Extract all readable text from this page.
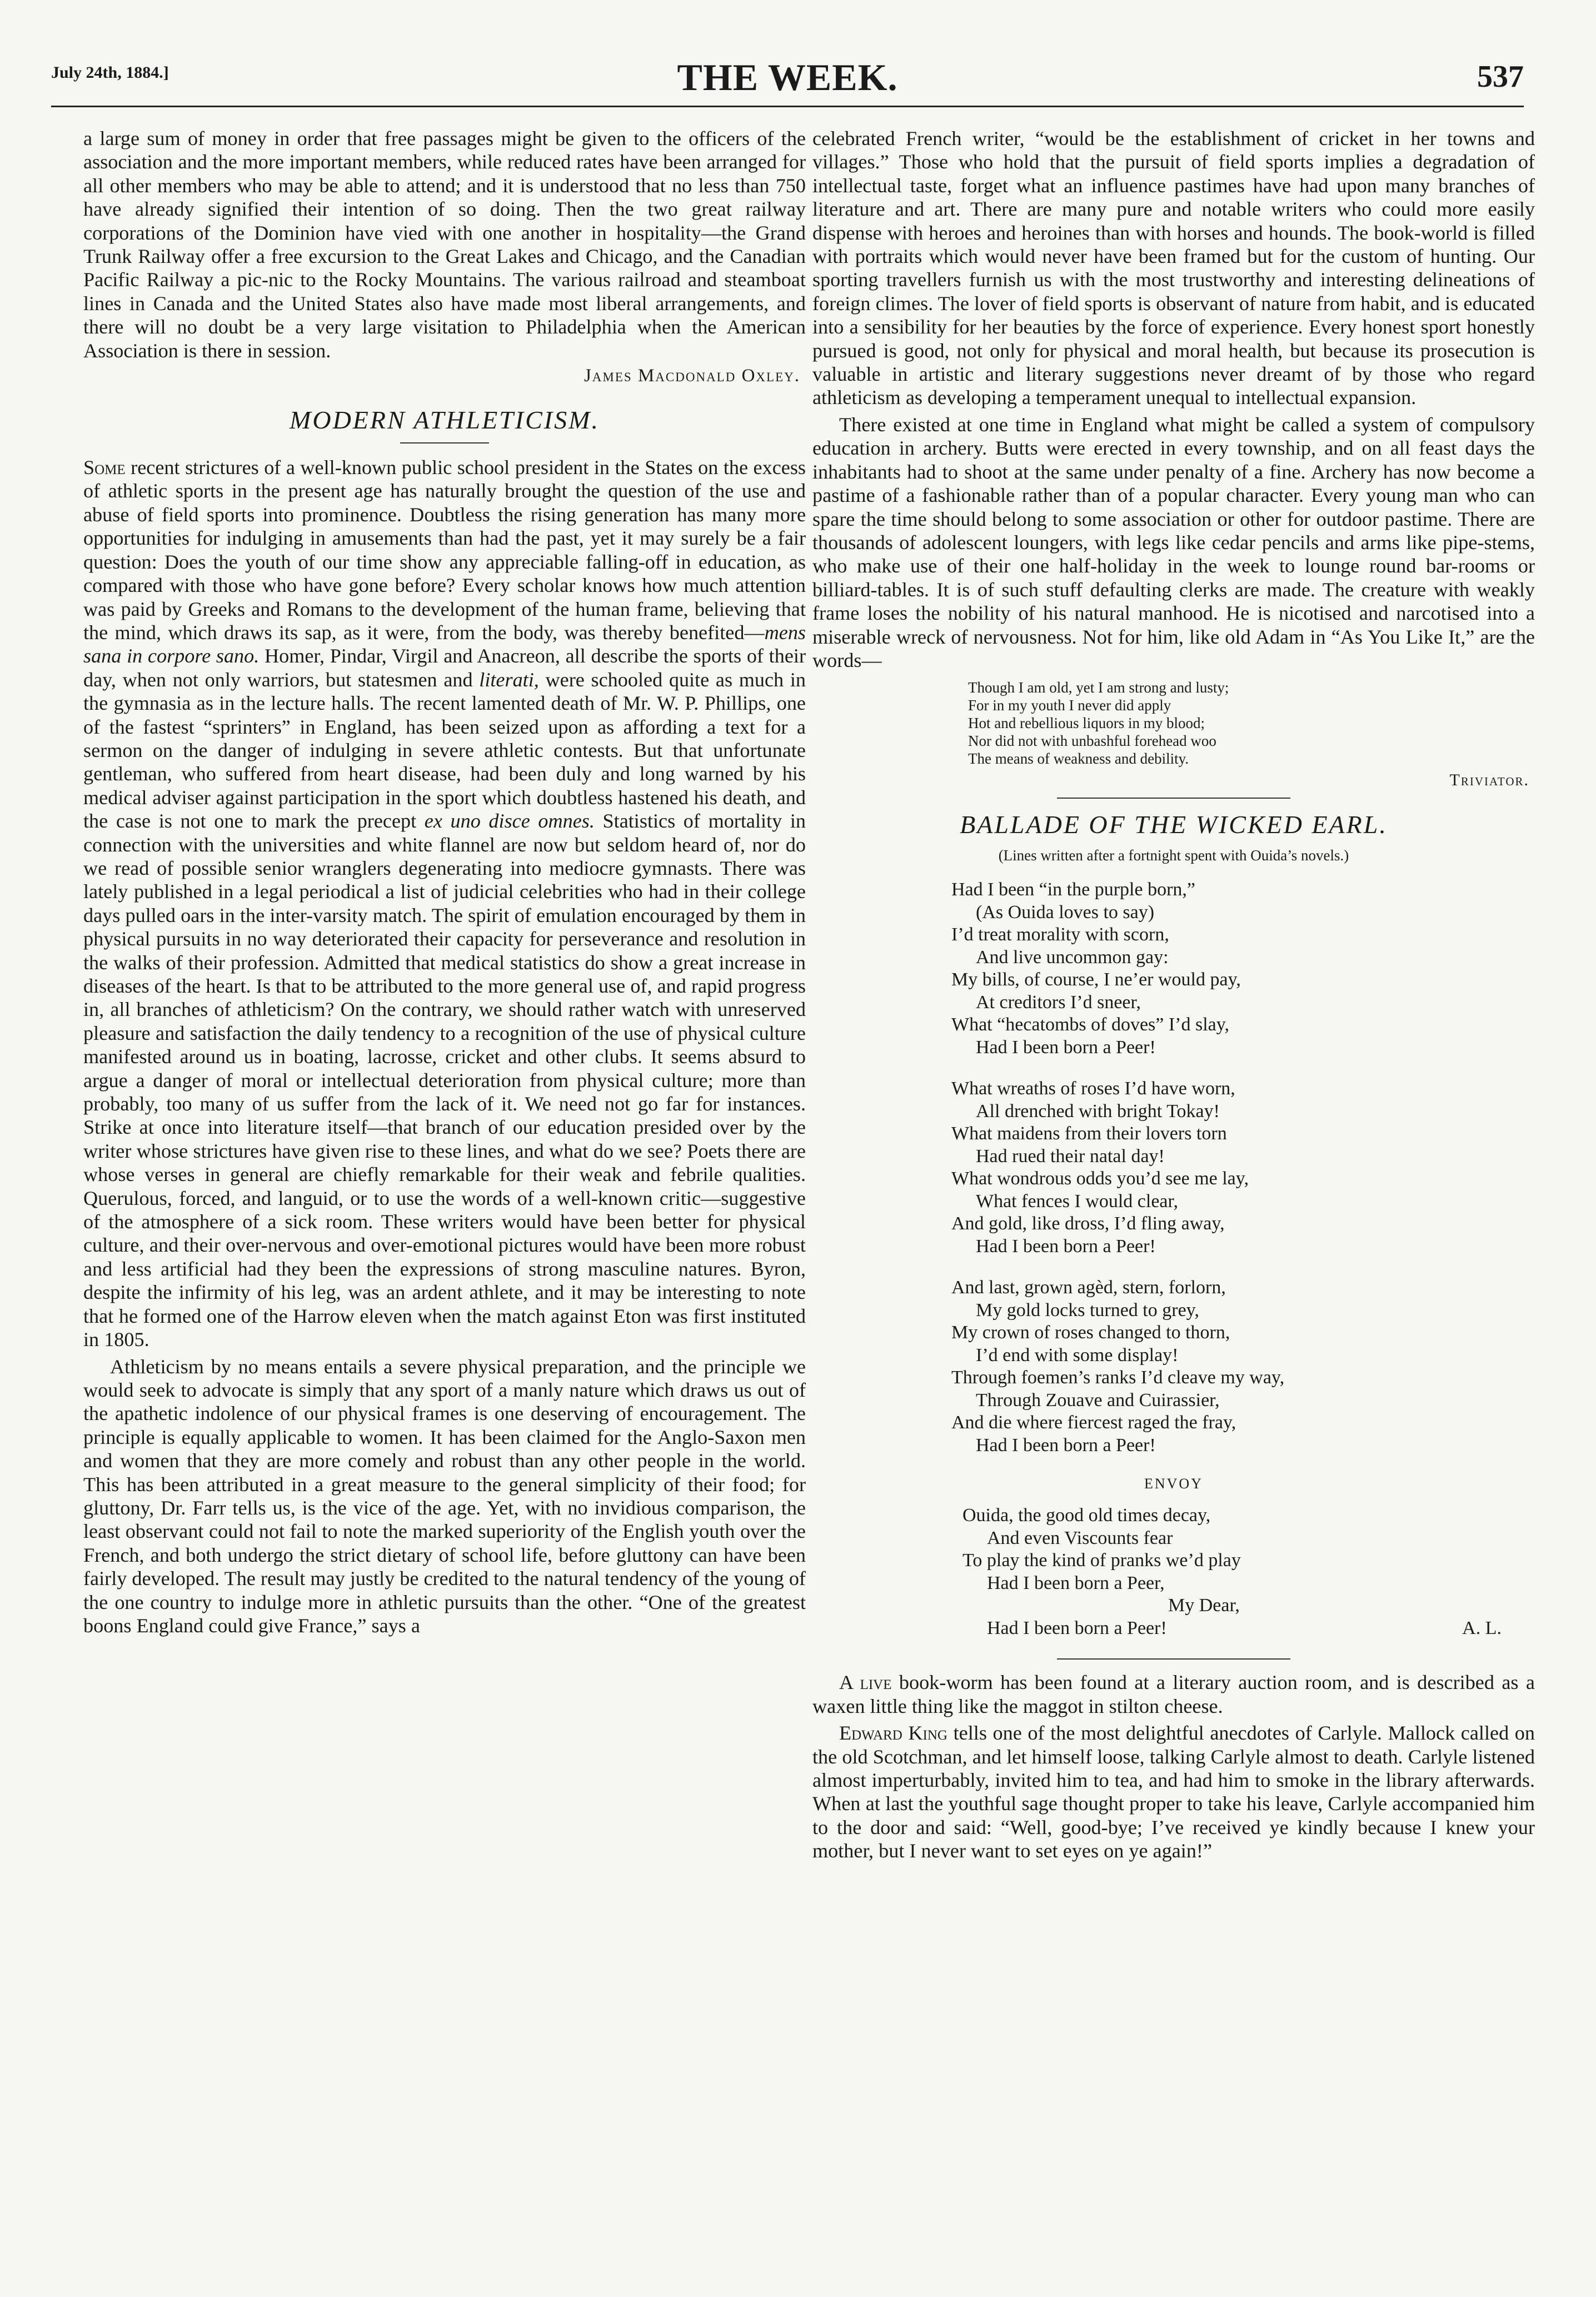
July 24th, 1884.]	THE WEEK.	537

a large sum of money in order that free passages might be given to the officers of the association and the more important members, while reduced rates have been arranged for all other members who may be able to attend; and it is understood that no less than 750 have already signified their intention of so doing. Then the two great railway corporations of the Dominion have vied with one another in hospitality—the Grand Trunk Railway offer a free excursion to the Great Lakes and Chicago, and the Canadian Pacific Railway a pic-nic to the Rocky Mountains. The various railroad and steamboat lines in Canada and the United States also have made most liberal arrangements, and there will no doubt be a very large visitation to Philadelphia when the American Association is there in session.

James Macdonald Oxley.
MODERN ATHLETICISM.

Some recent strictures of a well-known public school president in the States on the excess of athletic sports in the present age has naturally brought the question of the use and abuse of field sports into prominence. Doubtless the rising generation has many more opportunities for indulging in amusements than had the past, yet it may surely be a fair question: Does the youth of our time show any appreciable falling-off in education, as compared with those who have gone before? Every scholar knows how much attention was paid by Greeks and Romans to the development of the human frame, believing that the mind, which draws its sap, as it were, from the body, was thereby benefited—mens sana in corpore sano. Homer, Pindar, Virgil and Anacreon, all describe the sports of their day, when not only warriors, but statesmen and literati, were schooled quite as much in the gymnasia as in the lecture halls. The recent lamented death of Mr. W. P. Phillips, one of the fastest “sprinters” in England, has been seized upon as affording a text for a sermon on the danger of indulging in severe athletic contests. But that unfortunate gentleman, who suffered from heart disease, had been duly and long warned by his medical adviser against participation in the sport which doubtless hastened his death, and the case is not one to mark the precept ex uno disce omnes. Statistics of mortality in connection with the universities and white flannel are now but seldom heard of, nor do we read of possible senior wranglers degenerating into mediocre gymnasts. There was lately published in a legal periodical a list of judicial celebrities who had in their college days pulled oars in the inter-varsity match. The spirit of emulation encouraged by them in physical pursuits in no way deteriorated their capacity for perseverance and resolution in the walks of their profession. Admitted that medical statistics do show a great increase in diseases of the heart. Is that to be attributed to the more general use of, and rapid progress in, all branches of athleticism? On the contrary, we should rather watch with unreserved pleasure and satisfaction the daily tendency to a recognition of the use of physical culture manifested around us in boating, lacrosse, cricket and other clubs. It seems absurd to argue a danger of moral or intellectual deterioration from physical culture; more than probably, too many of us suffer from the lack of it. We need not go far for instances. Strike at once into literature itself—that branch of our education presided over by the writer whose strictures have given rise to these lines, and what do we see? Poets there are whose verses in general are chiefly remarkable for their weak and febrile qualities. Querulous, forced, and languid, or to use the words of a well-known critic—suggestive of the atmosphere of a sick room. These writers would have been better for physical culture, and their over-nervous and over-emotional pictures would have been more robust and less artificial had they been the expressions of strong masculine natures. Byron, despite the infirmity of his leg, was an ardent athlete, and it may be interesting to note that he formed one of the Harrow eleven when the match against Eton was first instituted in 1805.

Athleticism by no means entails a severe physical preparation, and the principle we would seek to advocate is simply that any sport of a manly nature which draws us out of the apathetic indolence of our physical frames is one deserving of encouragement. The principle is equally applicable to women. It has been claimed for the Anglo-Saxon men and women that they are more comely and robust than any other people in the world. This has been attributed in a great measure to the general simplicity of their food; for gluttony, Dr. Farr tells us, is the vice of the age. Yet, with no invidious comparison, the least observant could not fail to note the marked superiority of the English youth over the French, and both undergo the strict dietary of school life, before gluttony can have been fairly developed. The result may justly be credited to the natural tendency of the young of the one country to indulge more in athletic pursuits than the other. “One of the greatest boons England could give France,” says a

celebrated French writer, “would be the establishment of cricket in her towns and villages.” Those who hold that the pursuit of field sports implies a degradation of intellectual taste, forget what an influence pastimes have had upon many branches of literature and art. There are many pure and notable writers who could more easily dispense with heroes and heroines than with horses and hounds. The book-world is filled with portraits which would never have been framed but for the custom of hunting. Our sporting travellers furnish us with the most trustworthy and interesting delineations of foreign climes. The lover of field sports is observant of nature from habit, and is educated into a sensibility for her beauties by the force of experience. Every honest sport honestly pursued is good, not only for physical and moral health, but because its prosecution is valuable in artistic and literary suggestions never dreamt of by those who regard athleticism as developing a temperament unequal to intellectual expansion.

There existed at one time in England what might be called a system of compulsory education in archery. Butts were erected in every township, and on all feast days the inhabitants had to shoot at the same under penalty of a fine. Archery has now become a pastime of a fashionable rather than of a popular character. Every young man who can spare the time should belong to some association or other for outdoor pastime. There are thousands of adolescent loungers, with legs like cedar pencils and arms like pipe-stems, who make use of their one half-holiday in the week to lounge round bar-rooms or billiard-tables. It is of such stuff defaulting clerks are made. The creature with weakly frame loses the nobility of his natural manhood. He is nicotised and narcotised into a miserable wreck of nervousness. Not for him, like old Adam in “As You Like It,” are the words—

Though I am old, yet I am strong and lusty;
For in my youth I never did apply
Hot and rebellious liquors in my blood;
Nor did not with unbashful forehead woo
The means of weakness and debility.
Triviator.
BALLADE OF THE WICKED EARL.
(Lines written after a fortnight spent with Ouida’s novels.)
Had I been “in the purple born,”
(As Ouida loves to say)
I’d treat morality with scorn,
And live uncommon gay:
My bills, of course, I ne’er would pay,
At creditors I’d sneer,
What “hecatombs of doves” I’d slay,
Had I been born a Peer!
What wreaths of roses I’d have worn,
All drenched with bright Tokay!
What maidens from their lovers torn
Had rued their natal day!
What wondrous odds you’d see me lay,
What fences I would clear,
And gold, like dross, I’d fling away,
Had I been born a Peer!
And last, grown agèd, stern, forlorn,
My gold locks turned to grey,
My crown of roses changed to thorn,
I’d end with some display!
Through foemen’s ranks I’d cleave my way,
Through Zouave and Cuirassier,
And die where fiercest raged the fray,
Had I been born a Peer!
ENVOY
Ouida, the good old times decay,
And even Viscounts fear
To play the kind of pranks we’d play
Had I been born a Peer,
My Dear,
Had I been born a Peer!	A. L.

A live book-worm has been found at a literary auction room, and is described as a waxen little thing like the maggot in stilton cheese.

Edward King tells one of the most delightful anecdotes of Carlyle. Mallock called on the old Scotchman, and let himself loose, talking Carlyle almost to death. Carlyle listened almost imperturbably, invited him to tea, and had him to smoke in the library afterwards. When at last the youthful sage thought proper to take his leave, Carlyle accompanied him to the door and said: “Well, good-bye; I’ve received ye kindly because I knew your mother, but I never want to set eyes on ye again!”
